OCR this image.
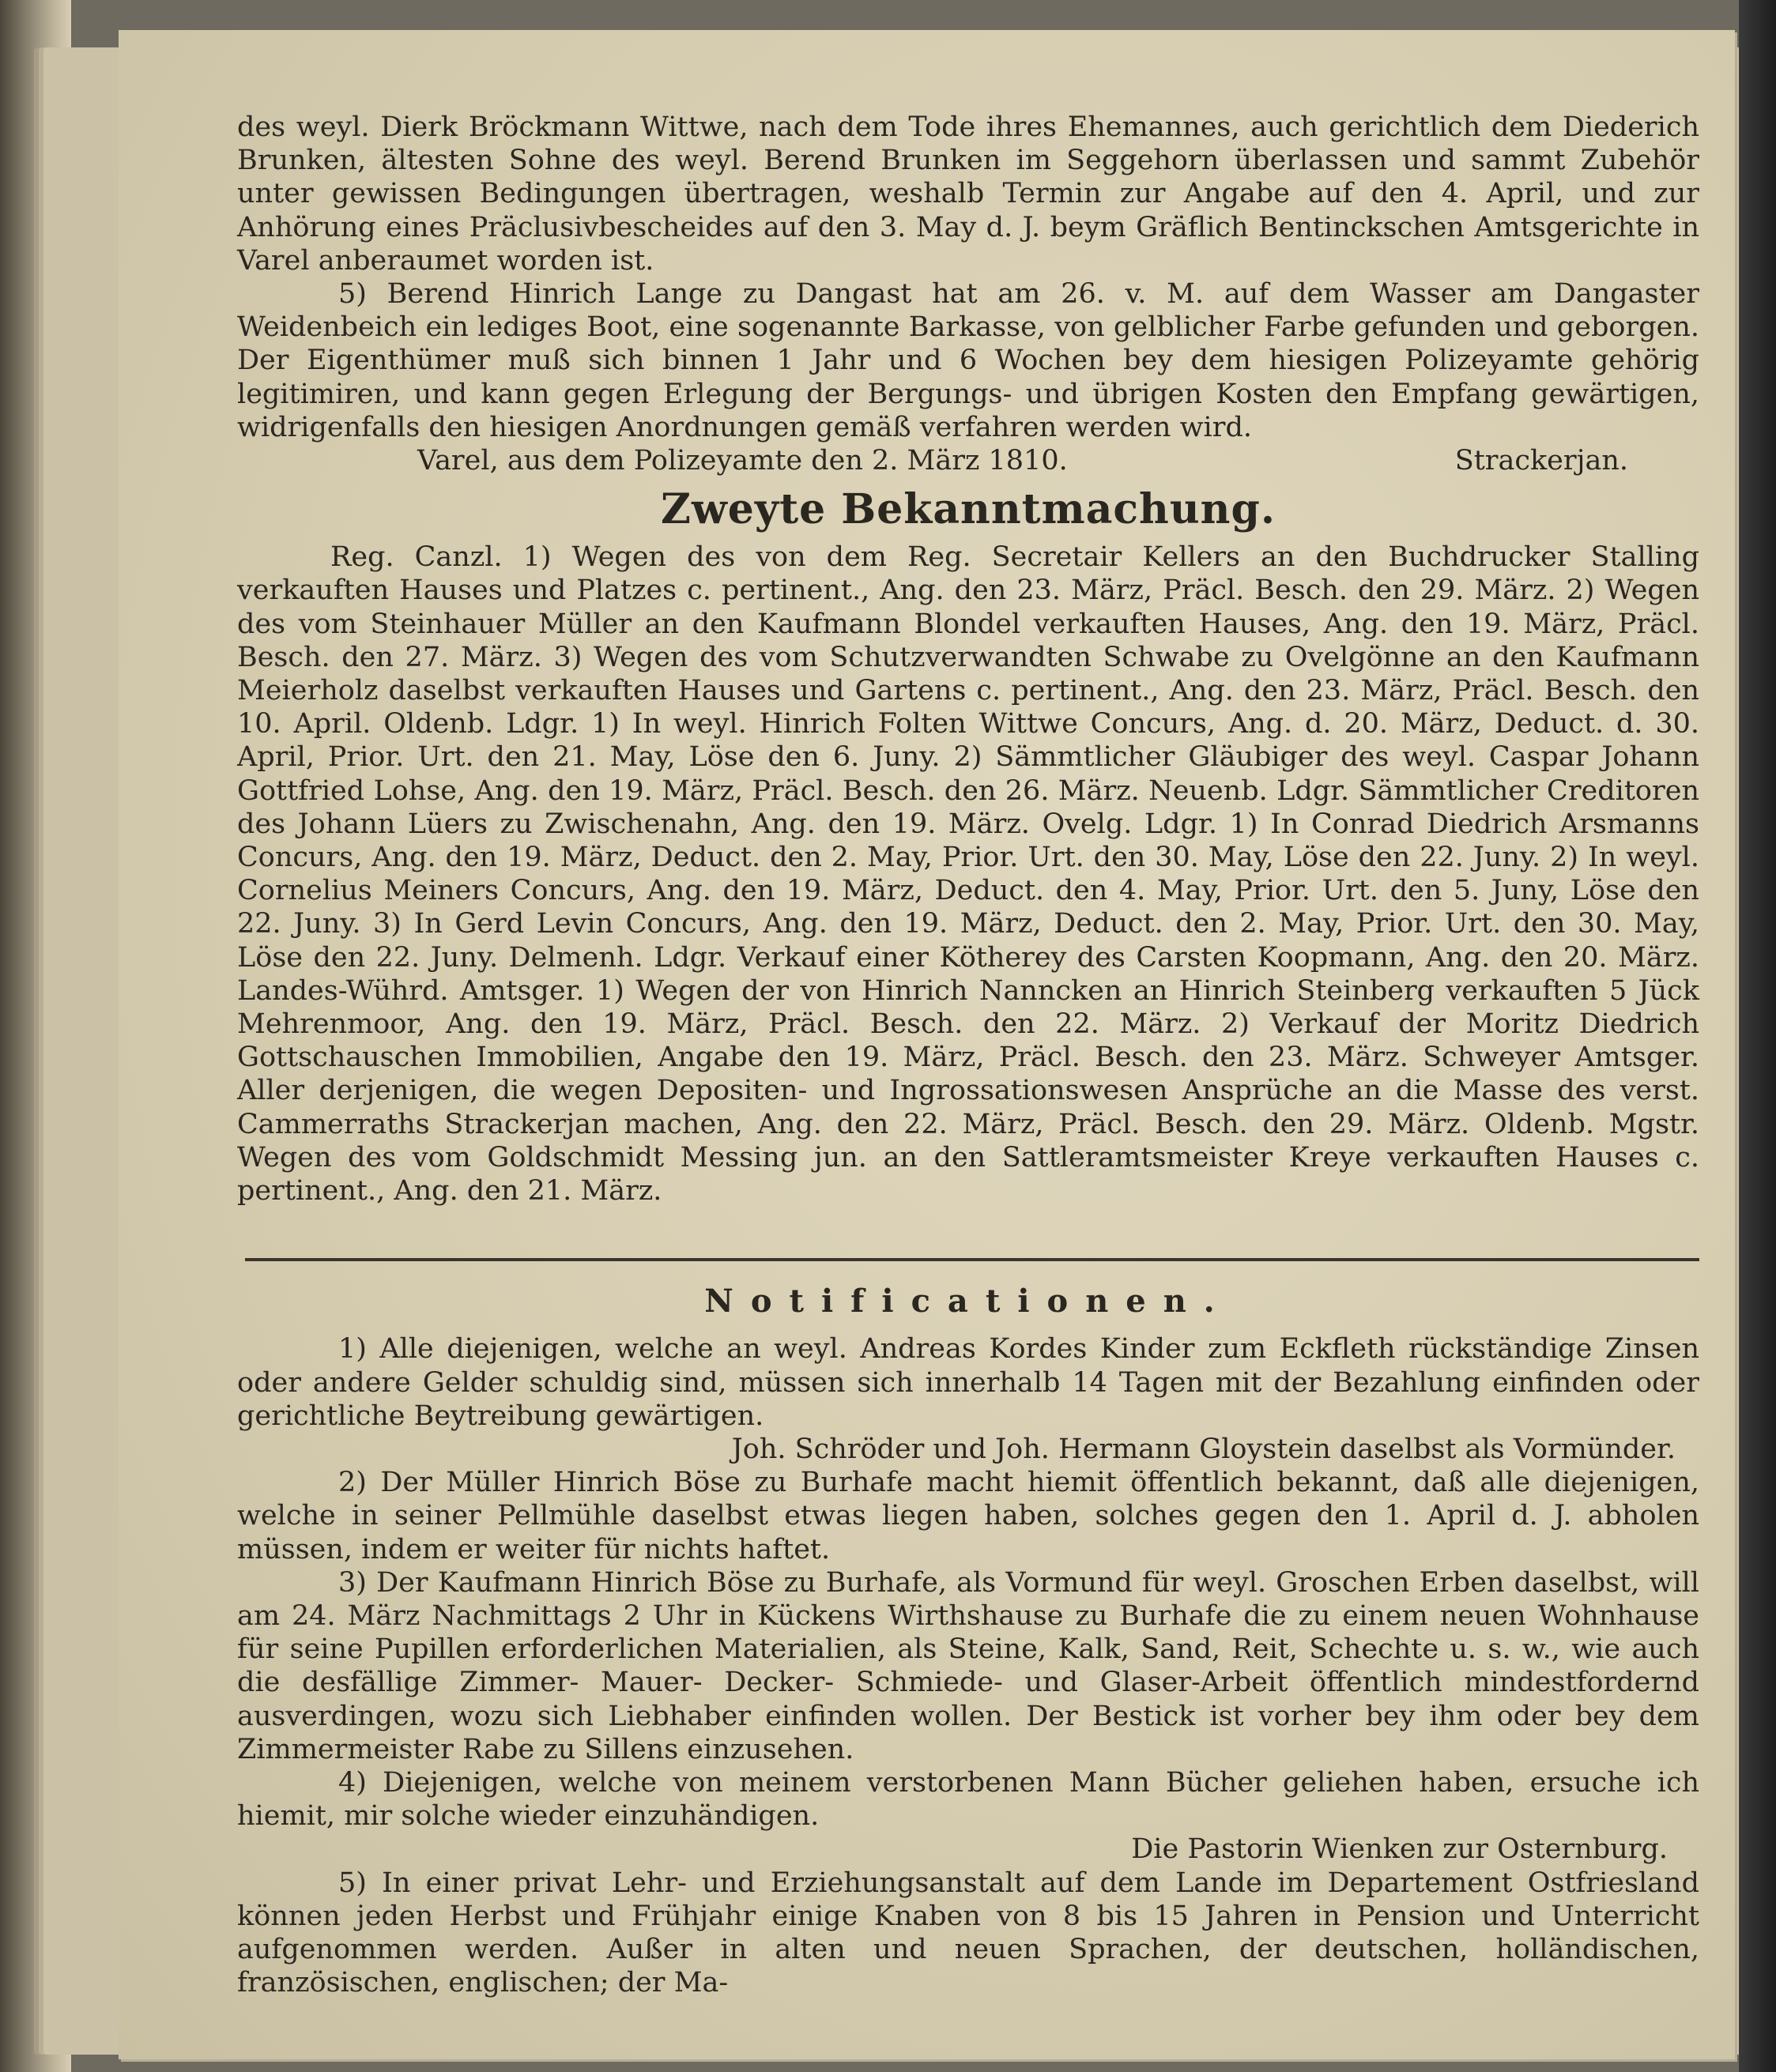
des weyl. Dierk Bröckmann Wittwe, nach dem Tode ihres Ehemannes, auch gerichtlich dem Diederich Brunken, ältesten Sohne des weyl. Berend Brunken im Seggehorn überlassen und sammt Zubehör unter gewissen Bedingungen übertragen, weshalb Termin zur Angabe auf den 4. April, und zur Anhörung eines Präclusivbescheides auf den 3. May d. J. beym Gräflich Bentinckschen Amtsgerichte in Varel anberaumet worden ist.

5) Berend Hinrich Lange zu Dangast hat am 26. v. M. auf dem Wasser am Dangaster Weidenbeich ein lediges Boot, eine sogenannte Barkasse, von gelblicher Farbe gefunden und geborgen. Der Eigenthümer muß sich binnen 1 Jahr und 6 Wochen bey dem hiesigen Polizeyamte gehörig legitimiren, und kann gegen Erlegung der Bergungs- und übrigen Kosten den Empfang gewärtigen, widrigenfalls den hiesigen Anordnungen gemäß verfahren werden wird.

Varel, aus dem Polizeyamte den 2. März 1810.	Strackerjan.
Zweyte Bekanntmachung.

Reg. Canzl. 1) Wegen des von dem Reg. Secretair Kellers an den Buchdrucker Stalling verkauften Hauses und Platzes c. pertinent., Ang. den 23. März, Präcl. Besch. den 29. März. 2) Wegen des vom Steinhauer Müller an den Kaufmann Blondel verkauften Hauses, Ang. den 19. März, Präcl. Besch. den 27. März. 3) Wegen des vom Schutzverwandten Schwabe zu Ovelgönne an den Kaufmann Meierholz daselbst verkauften Hauses und Gartens c. pertinent., Ang. den 23. März, Präcl. Besch. den 10. April. Oldenb. Ldgr. 1) In weyl. Hinrich Folten Wittwe Concurs, Ang. d. 20. März, Deduct. d. 30. April, Prior. Urt. den 21. May, Löse den 6. Juny. 2) Sämmtlicher Gläubiger des weyl. Caspar Johann Gottfried Lohse, Ang. den 19. März, Präcl. Besch. den 26. März. Neuenb. Ldgr. Sämmtlicher Creditoren des Johann Lüers zu Zwischenahn, Ang. den 19. März. Ovelg. Ldgr. 1) In Conrad Diedrich Arsmanns Concurs, Ang. den 19. März, Deduct. den 2. May, Prior. Urt. den 30. May, Löse den 22. Juny. 2) In weyl. Cornelius Meiners Concurs, Ang. den 19. März, Deduct. den 4. May, Prior. Urt. den 5. Juny, Löse den 22. Juny. 3) In Gerd Levin Concurs, Ang. den 19. März, Deduct. den 2. May, Prior. Urt. den 30. May, Löse den 22. Juny. Delmenh. Ldgr. Verkauf einer Kötherey des Carsten Koopmann, Ang. den 20. März. Landes-Wührd. Amtsger. 1) Wegen der von Hinrich Nanncken an Hinrich Steinberg verkauften 5 Jück Mehrenmoor, Ang. den 19. März, Präcl. Besch. den 22. März. 2) Verkauf der Moritz Diedrich Gottschauschen Immobilien, Angabe den 19. März, Präcl. Besch. den 23. März. Schweyer Amtsger. Aller derjenigen, die wegen Depositen- und Ingrossationswesen Ansprüche an die Masse des verst. Cammerraths Strackerjan machen, Ang. den 22. März, Präcl. Besch. den 29. März. Oldenb. Mgstr. Wegen des vom Goldschmidt Messing jun. an den Sattleramtsmeister Kreye verkauften Hauses c. pertinent., Ang. den 21. März.

Notificationen.

1) Alle diejenigen, welche an weyl. Andreas Kordes Kinder zum Eckfleth rückständige Zinsen oder andere Gelder schuldig sind, müssen sich innerhalb 14 Tagen mit der Bezahlung einfinden oder gerichtliche Beytreibung gewärtigen.

Joh. Schröder und Joh. Hermann Gloystein daselbst als Vormünder.

2) Der Müller Hinrich Böse zu Burhafe macht hiemit öffentlich bekannt, daß alle diejenigen, welche in seiner Pellmühle daselbst etwas liegen haben, solches gegen den 1. April d. J. abholen müssen, indem er weiter für nichts haftet.

3) Der Kaufmann Hinrich Böse zu Burhafe, als Vormund für weyl. Groschen Erben daselbst, will am 24. März Nachmittags 2 Uhr in Kückens Wirthshause zu Burhafe die zu einem neuen Wohnhause für seine Pupillen erforderlichen Materialien, als Steine, Kalk, Sand, Reit, Schechte u. s. w., wie auch die desfällige Zimmer- Mauer- Decker- Schmiede- und Glaser-Arbeit öffentlich mindestfordernd ausverdingen, wozu sich Liebhaber einfinden wollen. Der Bestick ist vorher bey ihm oder bey dem Zimmermeister Rabe zu Sillens einzusehen.

4) Diejenigen, welche von meinem verstorbenen Mann Bücher geliehen haben, ersuche ich hiemit, mir solche wieder einzuhändigen.

Die Pastorin Wienken zur Osternburg.

5) In einer privat Lehr- und Erziehungsanstalt auf dem Lande im Departement Ostfriesland können jeden Herbst und Frühjahr einige Knaben von 8 bis 15 Jahren in Pension und Unterricht aufgenommen werden. Außer in alten und neuen Sprachen, der deutschen, holländischen, französischen, englischen; der Ma-
